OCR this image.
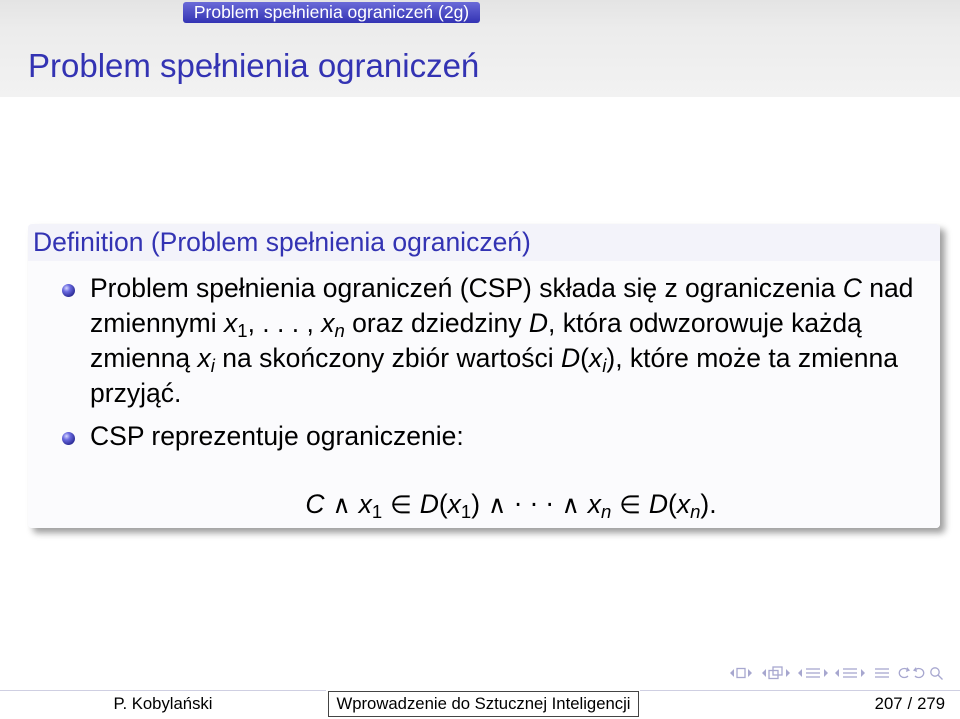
Problem spełnienia ograniczeń (2g)
Problem spełnienia ograniczeń
Definition (Problem spełnienia ograniczeń)
Problem spełnienia ograniczeń (CSP) składa się z ograniczenia C nad
zmiennymi x1, . . . , xn oraz dziedziny D, która odwzorowuje każdą
zmienną xi na skończony zbiór wartości D(xi), które może ta zmienna
przyjąć.
CSP reprezentuje ograniczenie:
C ∧ x1 ∈ D(x1) ∧ · · · ∧ xn ∈ D(xn).
P. Kobylański	Wprowadzenie do Sztucznej Inteligencji	207 / 279
